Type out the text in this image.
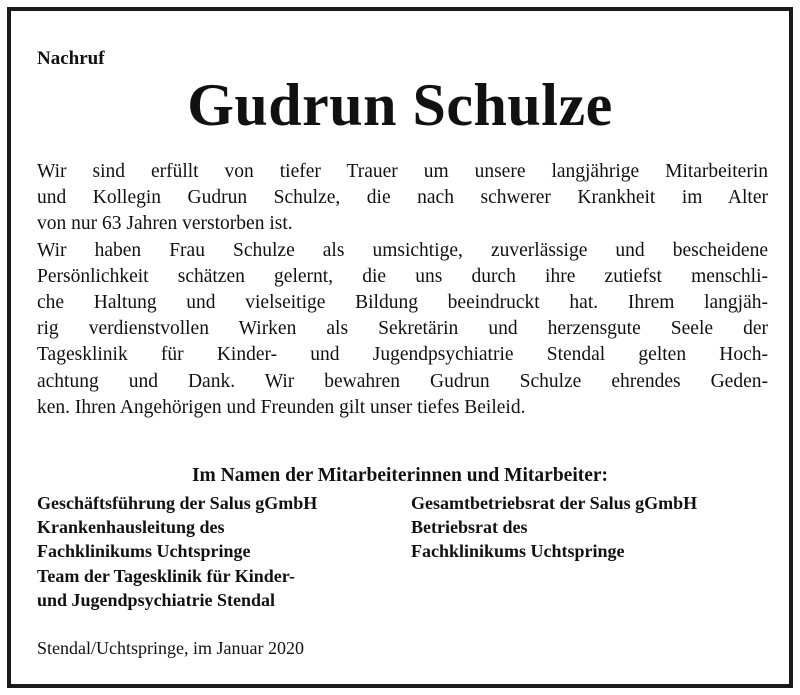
Nachruf
Gudrun Schulze
Wir sind erfüllt von tiefer Trauer um unsere langjährige Mitarbeiterin
und Kollegin Gudrun Schulze, die nach schwerer Krankheit im Alter
von nur 63 Jahren verstorben ist.
Wir haben Frau Schulze als umsichtige, zuverlässige und bescheidene
Persönlichkeit schätzen gelernt, die uns durch ihre zutiefst menschli-
che Haltung und vielseitige Bildung beeindruckt hat. Ihrem langjäh-
rig verdienstvollen Wirken als Sekretärin und herzensgute Seele der
Tagesklinik für Kinder- und Jugendpsychiatrie Stendal gelten Hoch-
achtung und Dank. Wir bewahren Gudrun Schulze ehrendes Geden-
ken. Ihren Angehörigen und Freunden gilt unser tiefes Beileid.
Im Namen der Mitarbeiterinnen und Mitarbeiter:
Geschäftsführung der Salus gGmbH
Krankenhausleitung des
Fachklinikums Uchtspringe
Team der Tagesklinik für Kinder-
und Jugendpsychiatrie Stendal
Gesamtbetriebsrat der Salus gGmbH
Betriebsrat des
Fachklinikums Uchtspringe
Stendal/Uchtspringe, im Januar 2020
